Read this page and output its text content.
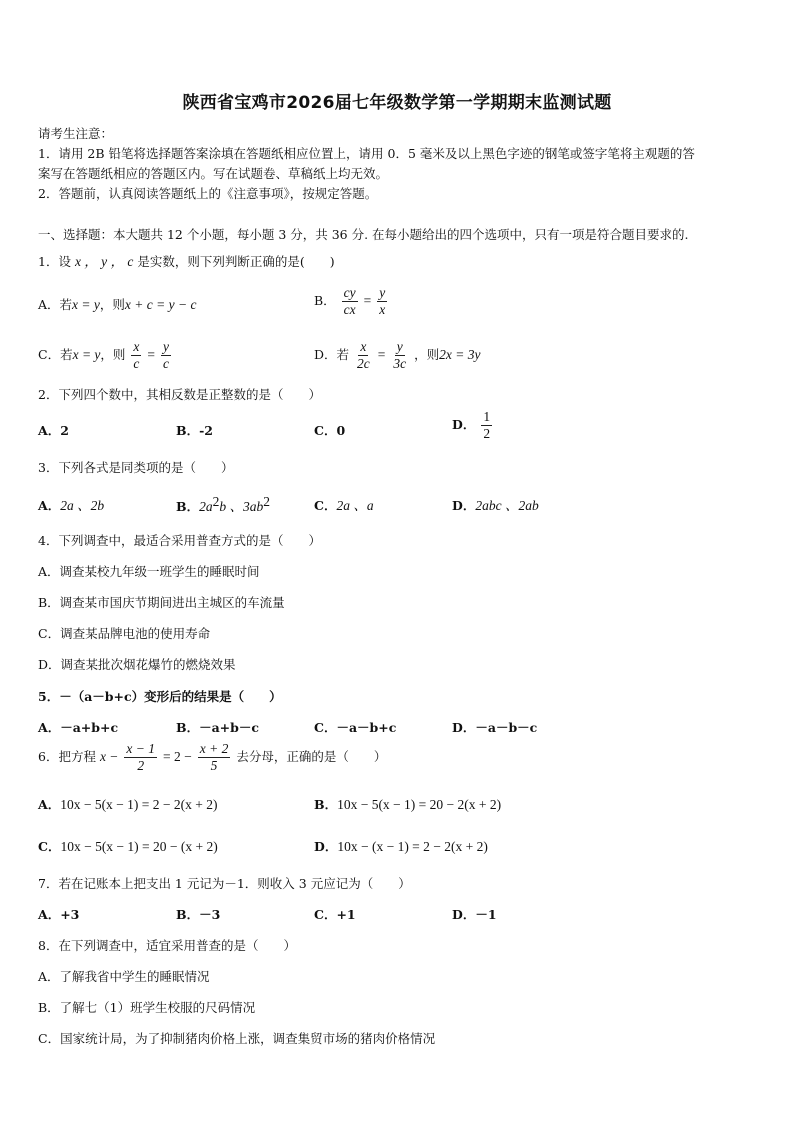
陕西省宝鸡市2026届七年级数学第一学期期末监测试题
请考生注意：
1．请用 2B 铅笔将选择题答案涂填在答题纸相应位置上，请用 0．5 毫米及以上黑色字迹的钢笔或签字笔将主观题的答
案写在答题纸相应的答题区内。写在试题卷、草稿纸上均无效。
2．答题前，认真阅读答题纸上的《注意事项》，按规定答题。
一、选择题：本大题共 12 个小题，每小题 3 分，共 36 分. 在每小题给出的四个选项中，只有一项是符合题目要求的.
1．设 x ， y ， c 是实数，则下列判断正确的是(　　)
A．若x = y，则x + c = y − c	B． $\frac{cy}{cx} = \frac{y}{x}$
C．若x = y，则 $\frac{x}{c} = \frac{y}{c}$	D．若 $\frac{x}{2c} = \frac{y}{3c}$ ，则2x = 3y
2．下列四个数中，其相反数是正整数的是（　　）
A．2	B．-2	C．0	D． $\frac{1}{2}$
3．下列各式是同类项的是（　　）
A．2a 、2b	B．$2a^2b$ 、$3ab^2$	C．2a 、a	D．2abc 、2ab
4．下列调查中，最适合采用普查方式的是（　　）
A．调查某校九年级一班学生的睡眠时间
B．调查某市国庆节期间进出主城区的车流量
C．调查某品牌电池的使用寿命
D．调查某批次烟花爆竹的燃烧效果
5．－（a－b+c）变形后的结果是（　　）
A．－a+b+c	B．－a+b－c	C．－a－b+c	D．－a－b－c
6．把方程 $x - \frac{x - 1}{2} = 2 - \frac{x + 2}{5}$ 去分母，正确的是（　　）
A．10x − 5(x − 1) = 2 − 2(x + 2)	B．10x − 5(x − 1) = 20 − 2(x + 2)
C．10x − 5(x − 1) = 20 − (x + 2)	D．10x − (x − 1) = 2 − 2(x + 2)
7．若在记账本上把支出 1 元记为－1．则收入 3 元应记为（　　）
A．+3	B．－3	C．+1	D．－1
8．在下列调查中，适宜采用普查的是（　　）
A．了解我省中学生的睡眠情况
B．了解七（1）班学生校服的尺码情况
C．国家统计局，为了抑制猪肉价格上涨，调查集贸市场的猪肉价格情况
